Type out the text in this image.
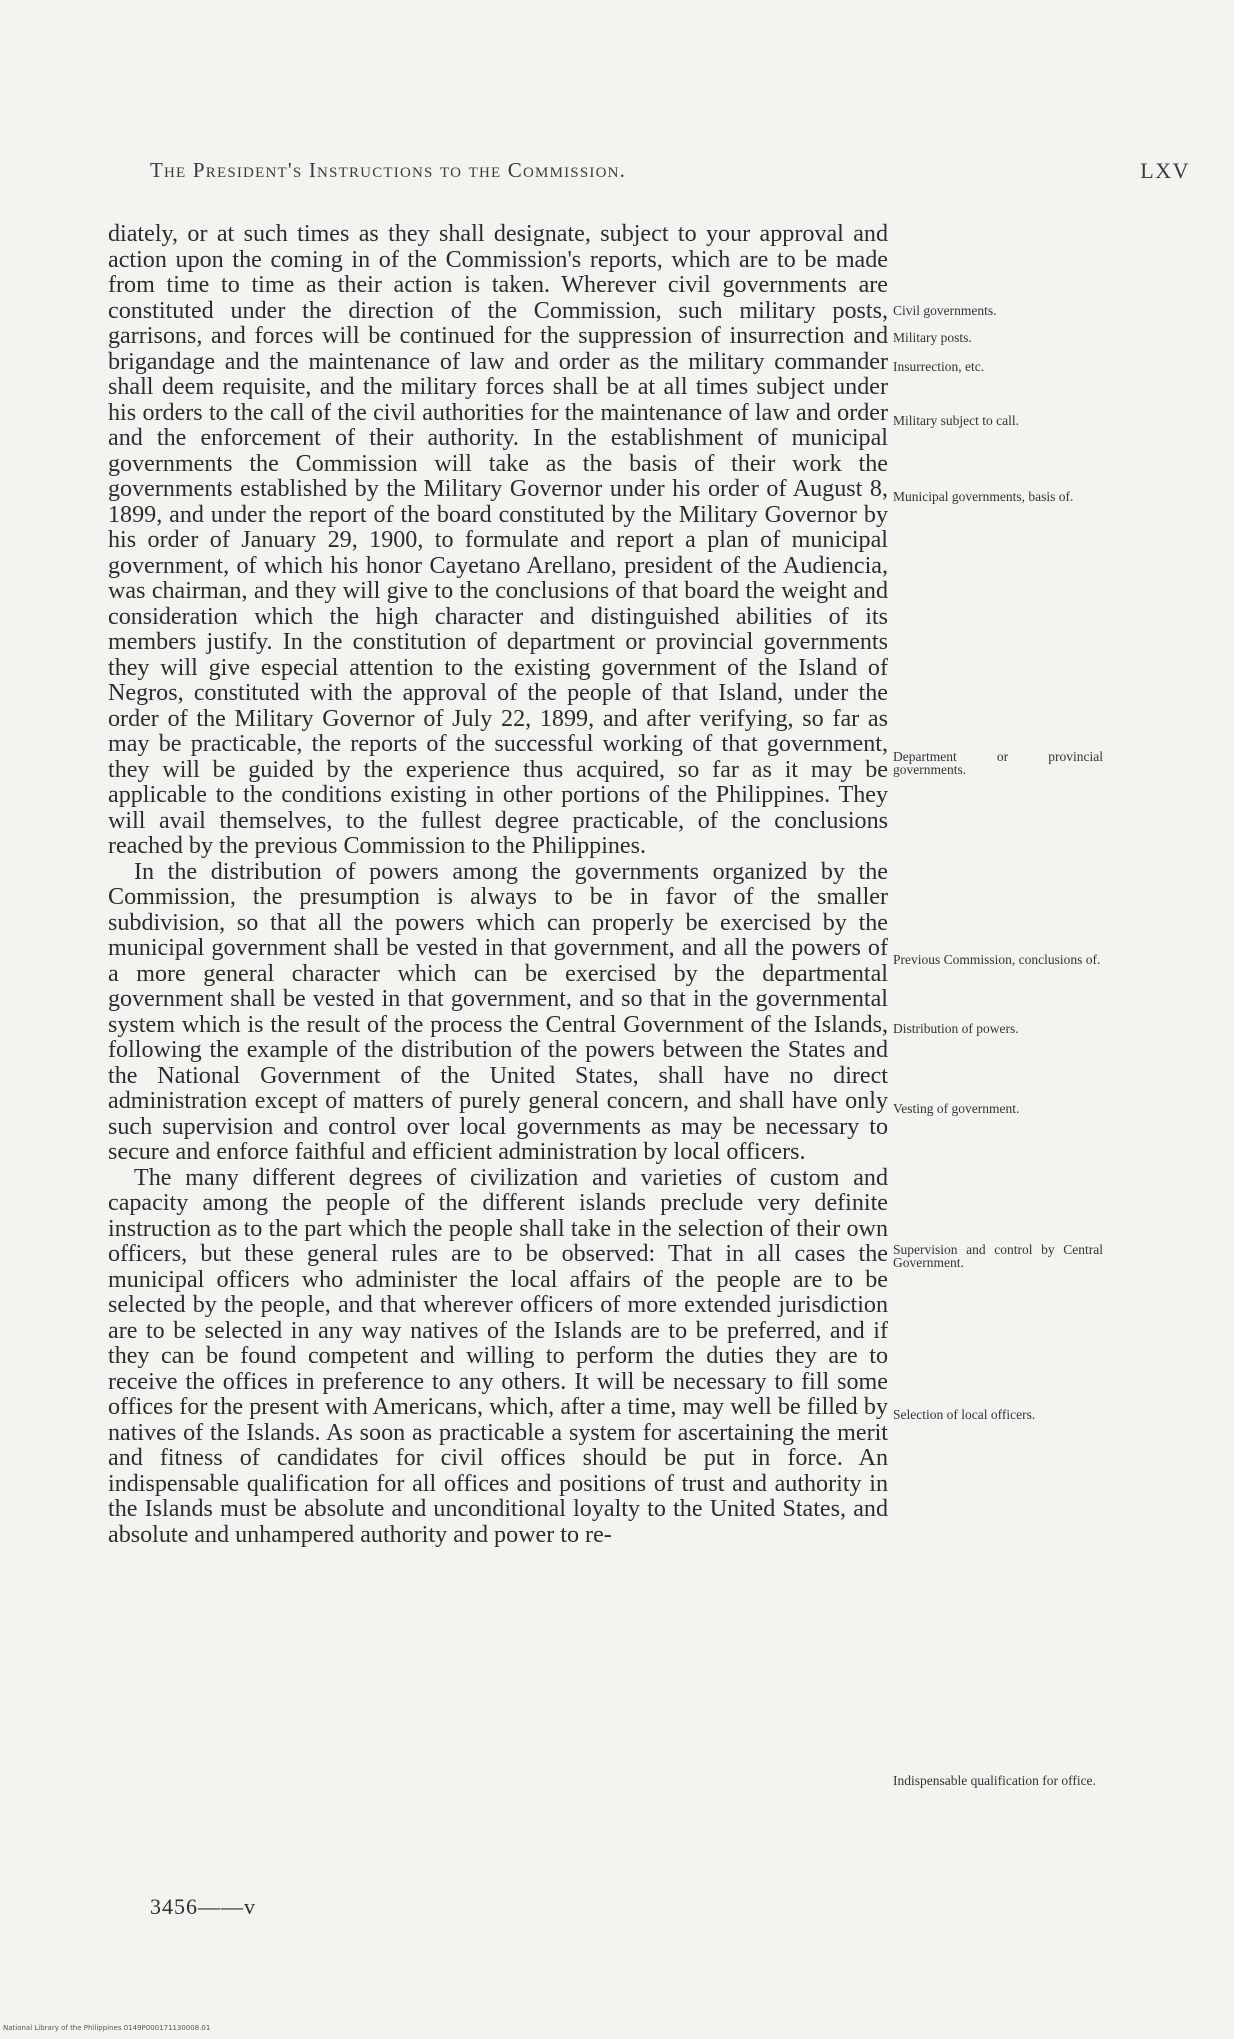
The President's Instructions to the Commission.	LXV

diately, or at such times as they shall designate, subject to your approval and action upon the coming in of the Commission's reports, which are to be made from time to time as their action is taken. Wherever civil governments are constituted under the direction of the Commission, such military posts, garrisons, and forces will be continued for the suppression of insurrection and brigandage and the maintenance of law and order as the military commander shall deem requisite, and the military forces shall be at all times subject under his orders to the call of the civil authorities for the maintenance of law and order and the enforcement of their authority. In the establishment of municipal governments the Commission will take as the basis of their work the governments established by the Military Governor under his order of August 8, 1899, and under the report of the board constituted by the Military Governor by his order of January 29, 1900, to formulate and report a plan of municipal government, of which his honor Cayetano Arellano, president of the Audiencia, was chairman, and they will give to the conclusions of that board the weight and consideration which the high character and distinguished abilities of its members justify. In the constitution of department or provincial governments they will give especial attention to the existing government of the Island of Negros, constituted with the approval of the people of that Island, under the order of the Military Governor of July 22, 1899, and after verifying, so far as may be practicable, the reports of the successful working of that government, they will be guided by the experience thus acquired, so far as it may be applicable to the conditions existing in other portions of the Philippines. They will avail themselves, to the fullest degree practicable, of the conclusions reached by the previous Commission to the Philippines.

In the distribution of powers among the governments organized by the Commission, the presumption is always to be in favor of the smaller subdivision, so that all the powers which can properly be exercised by the municipal government shall be vested in that government, and all the powers of a more general character which can be exercised by the departmental government shall be vested in that government, and so that in the governmental system which is the result of the process the Central Government of the Islands, following the example of the distribution of the powers between the States and the National Government of the United States, shall have no direct administration except of matters of purely general concern, and shall have only such supervision and control over local governments as may be necessary to secure and enforce faithful and efficient administration by local officers.

The many different degrees of civilization and varieties of custom and capacity among the people of the different islands preclude very definite instruction as to the part which the people shall take in the selection of their own officers, but these general rules are to be observed: That in all cases the municipal officers who administer the local affairs of the people are to be selected by the people, and that wherever officers of more extended jurisdiction are to be selected in any way natives of the Islands are to be preferred, and if they can be found competent and willing to perform the duties they are to receive the offices in preference to any others. It will be necessary to fill some offices for the present with Americans, which, after a time, may well be filled by natives of the Islands. As soon as practicable a system for ascertaining the merit and fitness of candidates for civil offices should be put in force. An indispensable qualification for all offices and positions of trust and authority in the Islands must be absolute and unconditional loyalty to the United States, and absolute and unhampered authority and power to re-

Civil governments.
Military posts.
Insurrection, etc.
Military subject to call.
Municipal governments, basis of.
Department or provincial governments.
Previous Commission, conclusions of.
Distribution of powers.
Vesting of government.
Supervision and control by Central Government.
Selection of local officers.
Indispensable qualification for office.
3456——v
National Library of the Philippines 0149P000171130008.01
